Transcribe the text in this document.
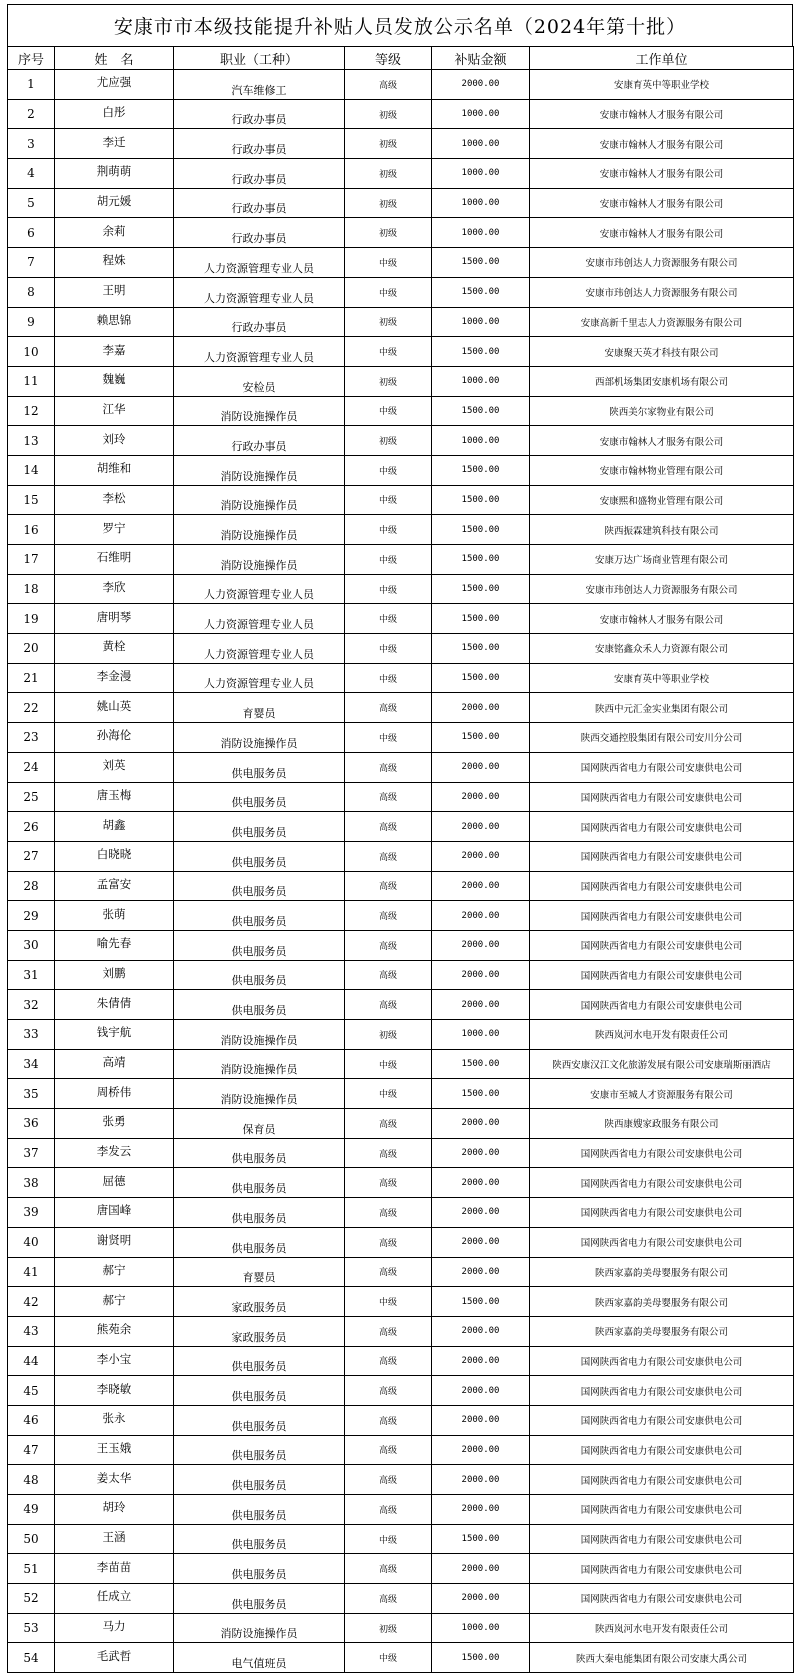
安康市市本级技能提升补贴人员发放公示名单（2024年第十批）
序号	姓　名	职业（工种）	等级	补贴金额	工作单位
1	尤应强	汽车维修工	高级	2000.00	安康育英中等职业学校
2	白彤	行政办事员	初级	1000.00	安康市翰林人才服务有限公司
3	李迁	行政办事员	初级	1000.00	安康市翰林人才服务有限公司
4	荆萌萌	行政办事员	初级	1000.00	安康市翰林人才服务有限公司
5	胡元媛	行政办事员	初级	1000.00	安康市翰林人才服务有限公司
6	余莉	行政办事员	初级	1000.00	安康市翰林人才服务有限公司
7	程姝	人力资源管理专业人员	中级	1500.00	安康市玮创达人力资源服务有限公司
8	王明	人力资源管理专业人员	中级	1500.00	安康市玮创达人力资源服务有限公司
9	赖思锦	行政办事员	初级	1000.00	安康高新千里志人力资源服务有限公司
10	李嘉	人力资源管理专业人员	中级	1500.00	安康聚天英才科技有限公司
11	魏巍	安检员	初级	1000.00	西部机场集团安康机场有限公司
12	江华	消防设施操作员	中级	1500.00	陕西美尔家物业有限公司
13	刘玲	行政办事员	初级	1000.00	安康市翰林人才服务有限公司
14	胡维和	消防设施操作员	中级	1500.00	安康市翰林物业管理有限公司
15	李松	消防设施操作员	中级	1500.00	安康熙和盛物业管理有限公司
16	罗宁	消防设施操作员	中级	1500.00	陕西振霖建筑科技有限公司
17	石维明	消防设施操作员	中级	1500.00	安康万达广场商业管理有限公司
18	李欣	人力资源管理专业人员	中级	1500.00	安康市玮创达人力资源服务有限公司
19	唐明琴	人力资源管理专业人员	中级	1500.00	安康市翰林人才服务有限公司
20	黄栓	人力资源管理专业人员	中级	1500.00	安康铭鑫众禾人力资源有限公司
21	李金漫	人力资源管理专业人员	中级	1500.00	安康育英中等职业学校
22	姚山英	育婴员	高级	2000.00	陕西中元汇金实业集团有限公司
23	孙海伦	消防设施操作员	中级	1500.00	陕西交通控股集团有限公司安川分公司
24	刘英	供电服务员	高级	2000.00	国网陕西省电力有限公司安康供电公司
25	唐玉梅	供电服务员	高级	2000.00	国网陕西省电力有限公司安康供电公司
26	胡鑫	供电服务员	高级	2000.00	国网陕西省电力有限公司安康供电公司
27	白晓晓	供电服务员	高级	2000.00	国网陕西省电力有限公司安康供电公司
28	孟富安	供电服务员	高级	2000.00	国网陕西省电力有限公司安康供电公司
29	张萌	供电服务员	高级	2000.00	国网陕西省电力有限公司安康供电公司
30	喻先春	供电服务员	高级	2000.00	国网陕西省电力有限公司安康供电公司
31	刘鹏	供电服务员	高级	2000.00	国网陕西省电力有限公司安康供电公司
32	朱倩倩	供电服务员	高级	2000.00	国网陕西省电力有限公司安康供电公司
33	钱宇航	消防设施操作员	初级	1000.00	陕西岚河水电开发有限责任公司
34	高靖	消防设施操作员	中级	1500.00	陕西安康汉江文化旅游发展有限公司安康瑞斯丽酒店
35	周桥伟	消防设施操作员	中级	1500.00	安康市至城人才资源服务有限公司
36	张勇	保育员	高级	2000.00	陕西康嫂家政服务有限公司
37	李发云	供电服务员	高级	2000.00	国网陕西省电力有限公司安康供电公司
38	屈德	供电服务员	高级	2000.00	国网陕西省电力有限公司安康供电公司
39	唐国峰	供电服务员	高级	2000.00	国网陕西省电力有限公司安康供电公司
40	谢贤明	供电服务员	高级	2000.00	国网陕西省电力有限公司安康供电公司
41	郝宁	育婴员	高级	2000.00	陕西家嘉韵美母婴服务有限公司
42	郝宁	家政服务员	中级	1500.00	陕西家嘉韵美母婴服务有限公司
43	熊苑余	家政服务员	高级	2000.00	陕西家嘉韵美母婴服务有限公司
44	李小宝	供电服务员	高级	2000.00	国网陕西省电力有限公司安康供电公司
45	李晓敏	供电服务员	高级	2000.00	国网陕西省电力有限公司安康供电公司
46	张永	供电服务员	高级	2000.00	国网陕西省电力有限公司安康供电公司
47	王玉娥	供电服务员	高级	2000.00	国网陕西省电力有限公司安康供电公司
48	姜太华	供电服务员	高级	2000.00	国网陕西省电力有限公司安康供电公司
49	胡玲	供电服务员	高级	2000.00	国网陕西省电力有限公司安康供电公司
50	王涵	供电服务员	中级	1500.00	国网陕西省电力有限公司安康供电公司
51	李苗苗	供电服务员	高级	2000.00	国网陕西省电力有限公司安康供电公司
52	任成立	供电服务员	高级	2000.00	国网陕西省电力有限公司安康供电公司
53	马力	消防设施操作员	初级	1000.00	陕西岚河水电开发有限责任公司
54	毛武哲	电气值班员	中级	1500.00	陕西大秦电能集团有限公司安康大禹公司
